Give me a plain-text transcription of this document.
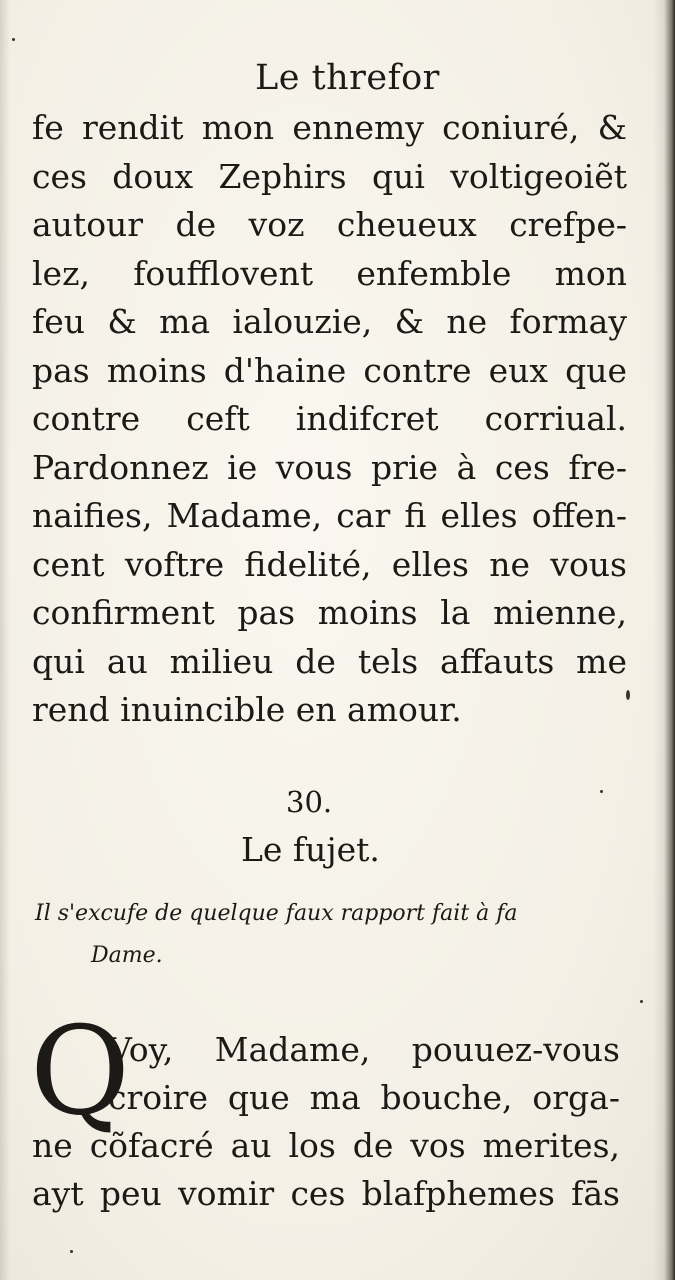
Le threfor
fe rendit mon ennemy coniuré, &
ces doux Zephirs qui voltigeoiẽt
autour de voz cheueux crefpe-
lez, foufflovent enfemble mon
feu & ma ialouzie, & ne formay
pas moins d'haine contre eux que
contre ceft indifcret corriual.
Pardonnez ie vous prie à ces fre-
naifies, Madame, car fi elles offen-
cent voftre fidelité, elles ne vous
confirment pas moins la mienne,
qui au milieu de tels affauts me
rend inuincible en amour.
30.
Le fujet.
Il s'excufe de quelque faux rapport fait à fa
Dame.
Q
Voy, Madame, pouuez-vous
croire que ma bouche, orga-
ne cõfacré au los de vos merites,
ayt peu vomir ces blafphemes fās
